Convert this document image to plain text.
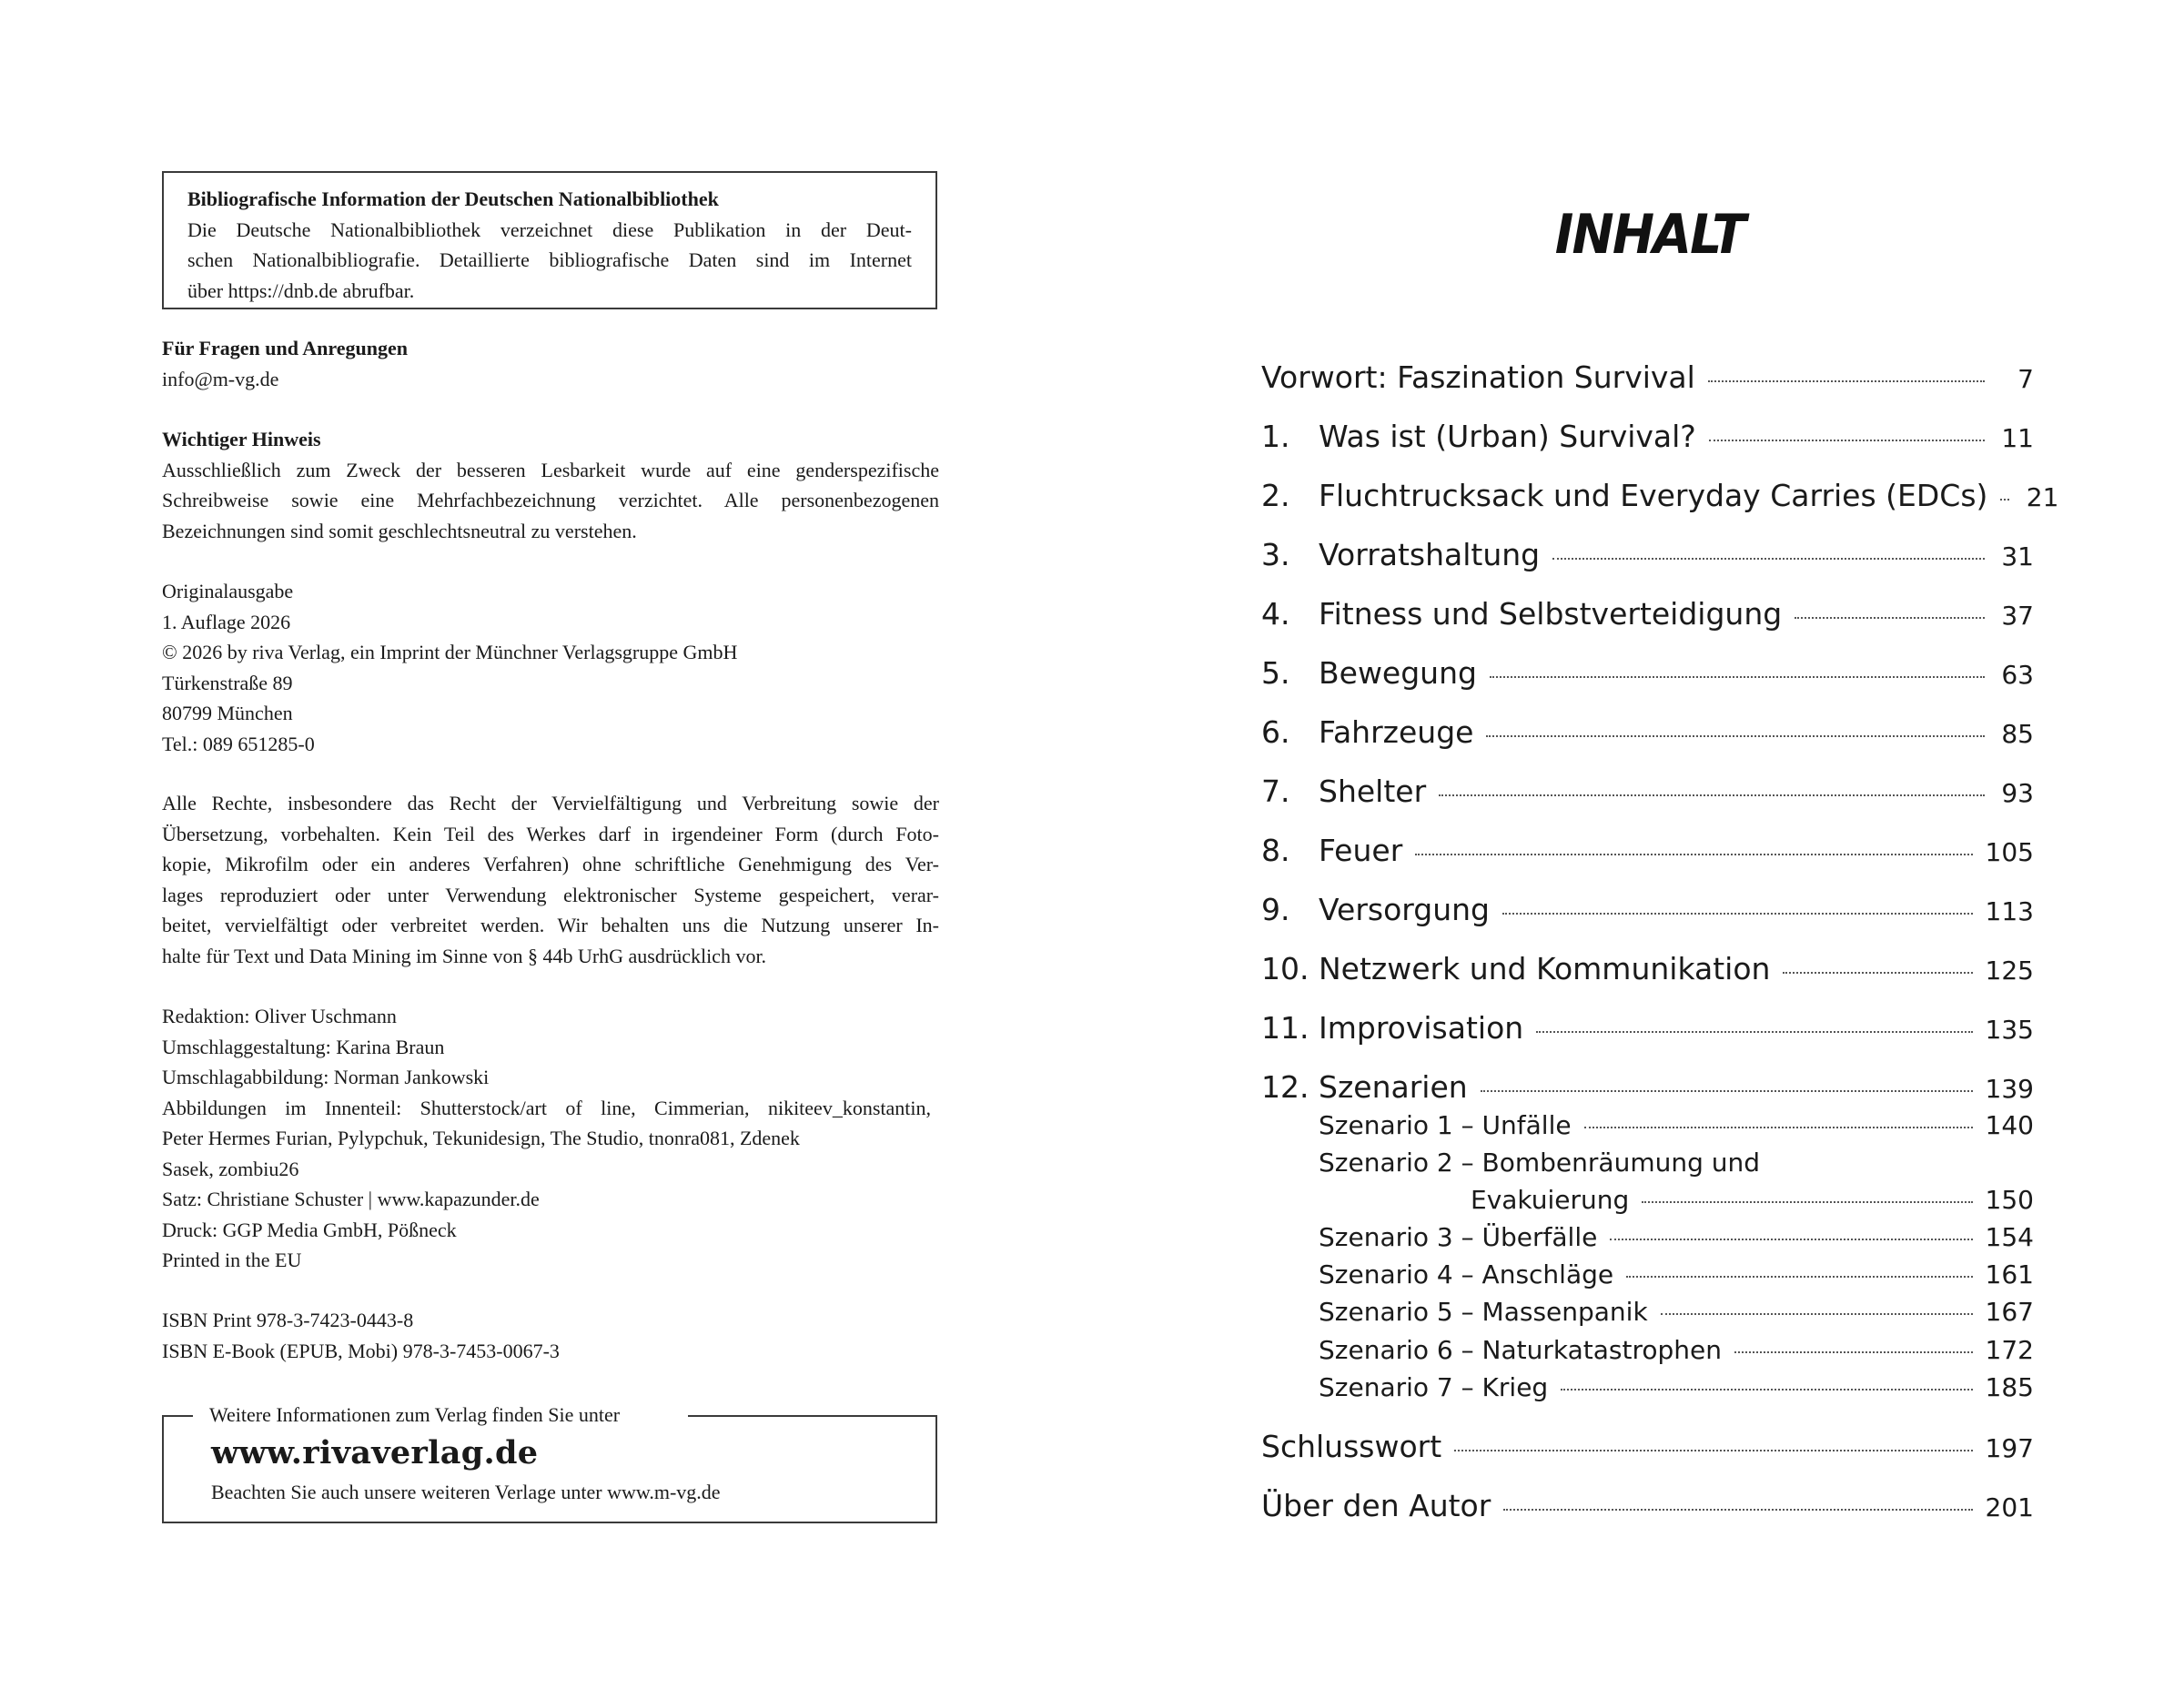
Bibliografische Information der Deutschen Nationalbibliothek
Die Deutsche Nationalbibliothek verzeichnet diese Publikation in der Deut-
schen Nationalbibliografie. Detaillierte bibliografische Daten sind im Internet
über https://dnb.de abrufbar.
Für Fragen und Anregungen
info@m-vg.de
Wichtiger Hinweis
Ausschließlich zum Zweck der besseren Lesbarkeit wurde auf eine genderspezifische
Schreibweise sowie eine Mehrfachbezeichnung verzichtet. Alle personenbezogenen
Bezeichnungen sind somit geschlechtsneutral zu verstehen.
Originalausgabe
1. Auflage 2026
© 2026 by riva Verlag, ein Imprint der Münchner Verlagsgruppe GmbH
Türkenstraße 89
80799 München
Tel.: 089 651285-0
Alle Rechte, insbesondere das Recht der Vervielfältigung und Verbreitung sowie der
Übersetzung, vorbehalten. Kein Teil des Werkes darf in irgendeiner Form (durch Foto-
kopie, Mikrofilm oder ein anderes Verfahren) ohne schriftliche Genehmigung des Ver-
lages reproduziert oder unter Verwendung elektronischer Systeme gespeichert, verar-
beitet, vervielfältigt oder verbreitet werden. Wir behalten uns die Nutzung unserer In-
halte für Text und Data Mining im Sinne von § 44b UrhG ausdrücklich vor.
Redaktion: Oliver Uschmann
Umschlaggestaltung: Karina Braun
Umschlagabbildung: Norman Jankowski
Abbildungen im Innenteil: Shutterstock/art of line, Cimmerian, nikiteev_konstantin,
Peter Hermes Furian, Pylypchuk, Tekunidesign, The Studio, tnonra081, Zdenek
Sasek, zombiu26
Satz: Christiane Schuster | www.kapazunder.de
Druck: GGP Media GmbH, Pößneck
Printed in the EU
ISBN Print 978-3-7423-0443-8
ISBN E-Book (EPUB, Mobi) 978-3-7453-0067-3
Weitere Informationen zum Verlag finden Sie unter
www.rivaverlag.de
Beachten Sie auch unsere weiteren Verlage unter www.m-vg.de
INHALT
Vorwort: Faszination Survival	7
1. Was ist (Urban) Survival?	11
2. Fluchtrucksack und Everyday Carries (EDCs) 21
3. Vorratshaltung	31
4. Fitness und Selbstverteidigung	37
5. Bewegung	63
6. Fahrzeuge	85
7. Shelter	93
8. Feuer	105
9. Versorgung	113
10. Netzwerk und Kommunikation	125
11. Improvisation	135
12. Szenarien	139
Szenario 1 – Unfälle	140
Szenario 2 – Bombenräumung und
Evakuierung	150
Szenario 3 – Überfälle	154
Szenario 4 – Anschläge	161
Szenario 5 – Massenpanik	167
Szenario 6 – Naturkatastrophen	172
Szenario 7 – Krieg	185
Schlusswort	197
Über den Autor	201
